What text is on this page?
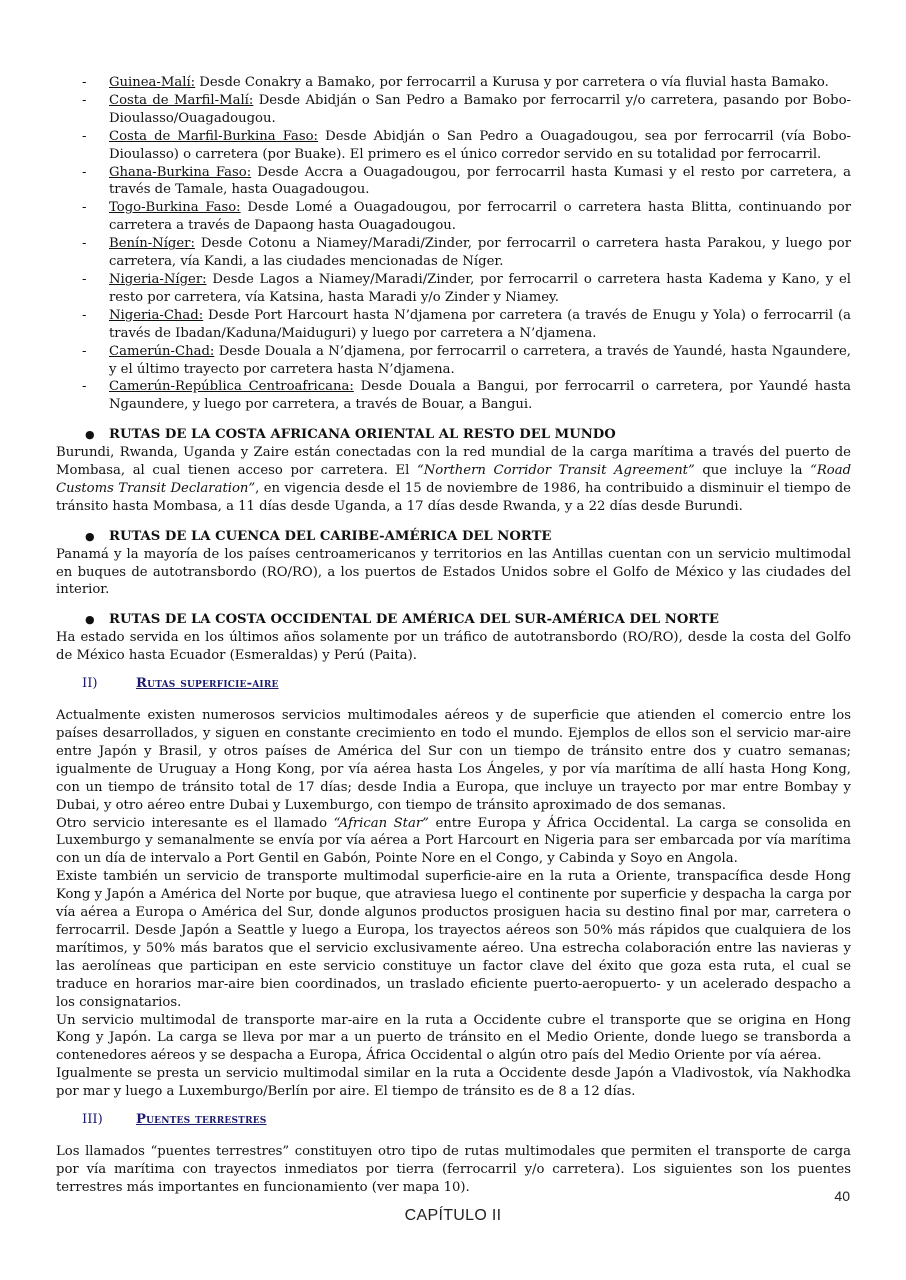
- Guinea-Malí: Desde Conakry a Bamako, por ferrocarril a Kurusa y por carretera o vía fluvial hasta Bamako.
- Costa de Marfil-Malí: Desde Abidján o San Pedro a Bamako por ferrocarril y/o carretera, pasando por Bobo-Dioulasso/Ouagadougou.
- Costa de Marfil-Burkina Faso: Desde Abidján o San Pedro a Ouagadougou, sea por ferrocarril (vía Bobo-Dioulasso) o carretera (por Buake). El primero es el único corredor servido en su totalidad por ferrocarril.
- Ghana-Burkina Faso: Desde Accra a Ouagadougou, por ferrocarril hasta Kumasi y el resto por carretera, a través de Tamale, hasta Ouagadougou.
- Togo-Burkina Faso: Desde Lomé a Ouagadougou, por ferrocarril o carretera hasta Blitta, continuando por carretera a través de Dapaong hasta Ouagadougou.
- Benín-Níger: Desde Cotonu a Niamey/Maradi/Zinder, por ferrocarril o carretera hasta Parakou, y luego por carretera, vía Kandi, a las ciudades mencionadas de Níger.
- Nigeria-Níger: Desde Lagos a Niamey/Maradi/Zinder, por ferrocarril o carretera hasta Kadema y Kano, y el resto por carretera, vía Katsina, hasta Maradi y/o Zinder y Niamey.
- Nigeria-Chad: Desde Port Harcourt hasta N’djamena por carretera (a través de Enugu y Yola) o ferrocarril (a través de Ibadan/Kaduna/Maiduguri) y luego por carretera a N’djamena.
- Camerún-Chad: Desde Douala a N’djamena, por ferrocarril o carretera, a través de Yaundé, hasta Ngaundere, y el último trayecto por carretera hasta N’djamena.
- Camerún-República Centroafricana: Desde Douala a Bangui, por ferrocarril o carretera, por Yaundé hasta Ngaundere, y luego por carretera, a través de Bouar, a Bangui.
● RUTAS DE LA COSTA AFRICANA ORIENTAL AL RESTO DEL MUNDO

Burundi, Rwanda, Uganda y Zaire están conectadas con la red mundial de la carga marítima a través del puerto de Mombasa, al cual tienen acceso por carretera. El “Northern Corridor Transit Agreement” que incluye la “Road Customs Transit Declaration”, en vigencia desde el 15 de noviembre de 1986, ha contribuido a disminuir el tiempo de tránsito hasta Mombasa, a 11 días desde Uganda, a 17 días desde Rwanda, y a 22 días desde Burundi.

● RUTAS DE LA CUENCA DEL CARIBE-AMÉRICA DEL NORTE

Panamá y la mayoría de los países centroamericanos y territorios en las Antillas cuentan con un servicio multimodal en buques de autotransbordo (RO/RO), a los puertos de Estados Unidos sobre el Golfo de México y las ciudades del interior.

● RUTAS DE LA COSTA OCCIDENTAL DE AMÉRICA DEL SUR-AMÉRICA DEL NORTE

Ha estado servida en los últimos años solamente por un tráfico de autotransbordo (RO/RO), desde la costa del Golfo de México hasta Ecuador (Esmeraldas) y Perú (Paita).

II)	Rutas superficie-aire

Actualmente existen numerosos servicios multimodales aéreos y de superficie que atienden el comercio entre los países desarrollados, y siguen en constante crecimiento en todo el mundo. Ejemplos de ellos son el servicio mar-aire entre Japón y Brasil, y otros países de América del Sur con un tiempo de tránsito entre dos y cuatro semanas; igualmente de Uruguay a Hong Kong, por vía aérea hasta Los Ángeles, y por vía marítima de allí hasta Hong Kong, con un tiempo de tránsito total de 17 días; desde India a Europa, que incluye un trayecto por mar entre Bombay y Dubai, y otro aéreo entre Dubai y Luxemburgo, con tiempo de tránsito aproximado de dos semanas.

Otro servicio interesante es el llamado “African Star” entre Europa y África Occidental. La carga se consolida en Luxemburgo y semanalmente se envía por vía aérea a Port Harcourt en Nigeria para ser embarcada por vía marítima con un día de intervalo a Port Gentil en Gabón, Pointe Nore en el Congo, y Cabinda y Soyo en Angola.

Existe también un servicio de transporte multimodal superficie-aire en la ruta a Oriente, transpacífica desde Hong Kong y Japón a América del Norte por buque, que atraviesa luego el continente por superficie y despacha la carga por vía aérea a Europa o América del Sur, donde algunos productos prosiguen hacia su destino final por mar, carretera o ferrocarril. Desde Japón a Seattle y luego a Europa, los trayectos aéreos son 50% más rápidos que cualquiera de los marítimos, y 50% más baratos que el servicio exclusivamente aéreo. Una estrecha colaboración entre las navieras y las aerolíneas que participan en este servicio constituye un factor clave del éxito que goza esta ruta, el cual se traduce en horarios mar-aire bien coordinados, un traslado eficiente puerto-aeropuerto- y un acelerado despacho a los consignatarios.

Un servicio multimodal de transporte mar-aire en la ruta a Occidente cubre el transporte que se origina en Hong Kong y Japón. La carga se lleva por mar a un puerto de tránsito en el Medio Oriente, donde luego se transborda a contenedores aéreos y se despacha a Europa, África Occidental o algún otro país del Medio Oriente por vía aérea.

Igualmente se presta un servicio multimodal similar en la ruta a Occidente desde Japón a Vladivostok, vía Nakhodka por mar y luego a Luxemburgo/Berlín por aire. El tiempo de tránsito es de 8 a 12 días.

III)	Puentes terrestres

Los llamados “puentes terrestres” constituyen otro tipo de rutas multimodales que permiten el transporte de carga por vía marítima con trayectos inmediatos por tierra (ferrocarril y/o carretera). Los siguientes son los puentes terrestres más importantes en funcionamiento (ver mapa 10).

40
CAPÍTULO II
